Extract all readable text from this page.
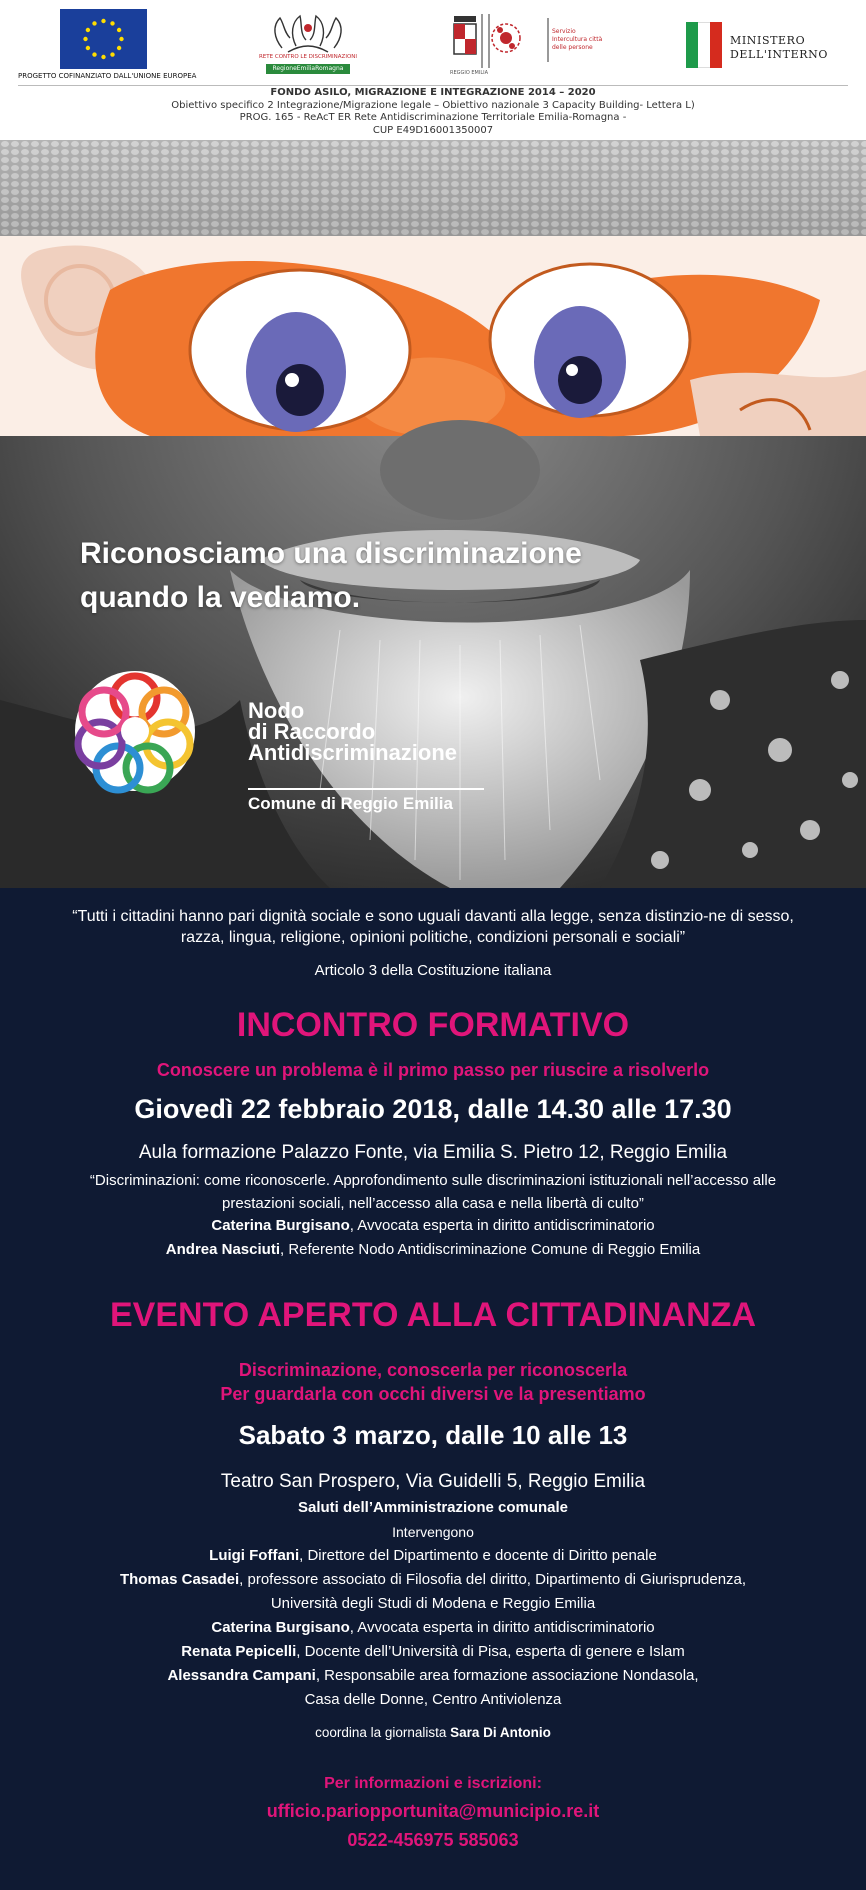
PROGETTO COFINANZIATO DALL'UNIONE EUROPEA
RETE CONTRO LE DISCRIMINAZIONI
RegioneEmiliaRomagna
REGGIO EMILIA
Servizio Intercultura città delle persone
MINISTERO
DELL'INTERNO
FONDO ASILO, MIGRAZIONE E INTEGRAZIONE 2014 – 2020
Obiettivo specifico 2 Integrazione/Migrazione legale – Obiettivo nazionale 3 Capacity Building- Lettera L)
PROG. 165 - ReAcT ER Rete Antidiscriminazione Territoriale Emilia-Romagna -
CUP E49D16001350007
Riconosciamo una discriminazione
quando la vediamo.
Nodo
di Raccordo
Antidiscriminazione
Comune di Reggio Emilia
“Tutti i cittadini hanno pari dignità sociale e sono uguali davanti alla legge, senza distinzio-ne di sesso, razza, lingua, religione, opinioni politiche, condizioni personali e sociali”
Articolo 3 della Costituzione italiana
INCONTRO FORMATIVO
Conoscere un problema è il primo passo per riuscire a risolverlo
Giovedì 22 febbraio 2018, dalle 14.30 alle 17.30
Aula formazione Palazzo Fonte, via Emilia S. Pietro 12, Reggio Emilia
“Discriminazioni: come riconoscerle. Approfondimento sulle discriminazioni istituzionali nell’accesso alle prestazioni sociali, nell’accesso alla casa e nella libertà di culto”
Caterina Burgisano, Avvocata esperta in diritto antidiscriminatorio
Andrea Nasciuti, Referente Nodo Antidiscriminazione Comune di Reggio Emilia
EVENTO APERTO ALLA CITTADINANZA
Discriminazione, conoscerla per riconoscerla
Per guardarla con occhi diversi ve la presentiamo
Sabato 3 marzo, dalle 10 alle 13
Teatro San Prospero, Via Guidelli 5, Reggio Emilia
Saluti dell’Amministrazione comunale
Intervengono
Luigi Foffani, Direttore del Dipartimento e docente di Diritto penale
Thomas Casadei, professore associato di Filosofia del diritto, Dipartimento di Giurisprudenza,
Università degli Studi di Modena e Reggio Emilia
Caterina Burgisano, Avvocata esperta in diritto antidiscriminatorio
Renata Pepicelli, Docente dell’Università di Pisa, esperta di genere e Islam
Alessandra Campani, Responsabile area formazione associazione Nondasola,
Casa delle Donne, Centro Antiviolenza
coordina la giornalista Sara Di Antonio
Per informazioni e iscrizioni:
ufficio.pariopportunita@municipio.re.it
0522-456975 585063
